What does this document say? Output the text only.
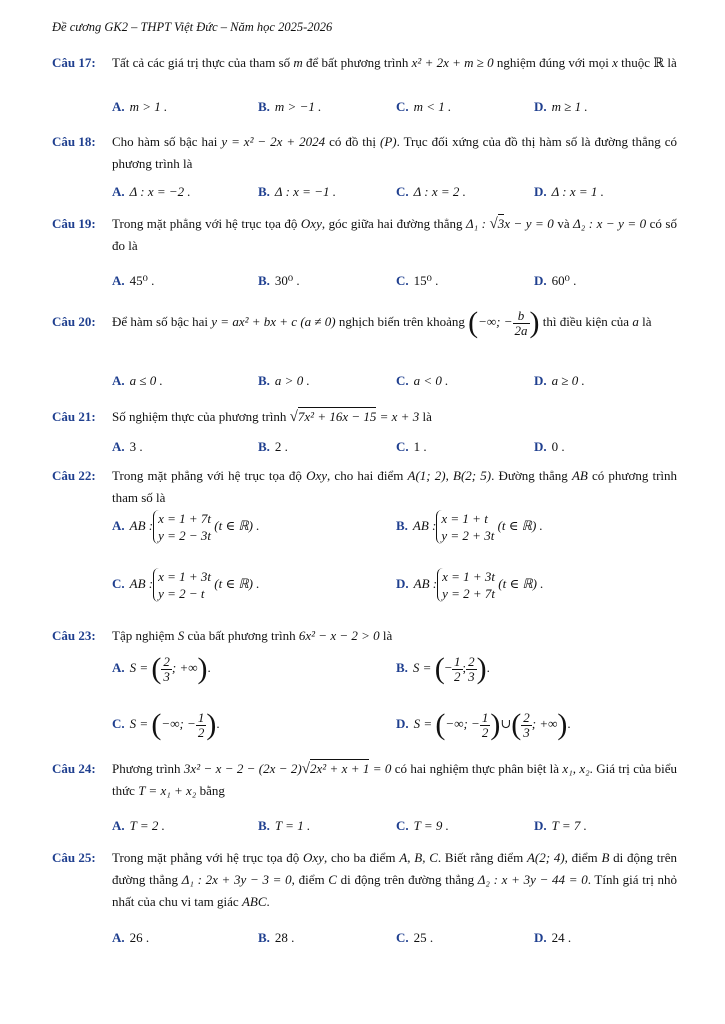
Đề cương GK2 – THPT Việt Đức – Năm học 2025-2026
Câu 17: Tất cả các giá trị thực của tham số m để bất phương trình x² + 2x + m ≥ 0 nghiệm đúng với mọi x thuộc ℝ là
A. m > 1 .	B. m > −1 .	C. m < 1 .	D. m ≥ 1 .
Câu 18: Cho hàm số bậc hai y = x² − 2x + 2024 có đồ thị (P). Trục đối xứng của đồ thị hàm số là đường thẳng có phương trình là
A. Δ : x = −2 .	B. Δ : x = −1 .	C. Δ : x = 2 .	D. Δ : x = 1 .
Câu 19: Trong mặt phẳng với hệ trục tọa độ Oxy, góc giữa hai đường thẳng Δ₁ : √3x − y = 0 và Δ₂ : x − y = 0 có số đo là
A. 45⁰ .	B. 30⁰ .	C. 15⁰ .	D. 60⁰ .
Câu 20: Để hàm số bậc hai y = ax² + bx + c (a ≠ 0) nghịch biến trên khoảng (−∞; − $\frac{b}{2a}$ ) thì điều kiện của a là
A. a ≤ 0 .	B. a > 0 .	C. a < 0 .	D. a ≥ 0 .
Câu 21: Số nghiệm thực của phương trình √7x² + 16x − 15 = x + 3 là
A. 3 .	B. 2 .	C. 1 .	D. 0 .
Câu 22: Trong mặt phẳng với hệ trục tọa độ Oxy, cho hai điểm A(1; 2), B(2; 5). Đường thẳng AB có phương trình tham số là
A. AB : x = 1 + 7t
y = 2 − 3t
(t ∈ ℝ) .	B. AB : x = 1 + t
y = 2 + 3t
(t ∈ ℝ) .
C. AB : x = 1 + 3t
y = 2 − t
(t ∈ ℝ) .	D. AB : x = 1 + 3t
y = 2 + 7t
(t ∈ ℝ) .
Câu 23: Tập nghiệm S của bất phương trình 6x² − x − 2 > 0 là
A. S = ( $\frac{2}{3}$ ; +∞).	B. S = (− $\frac{1}{2}$ ; $\frac{2}{3}$ ).
C. S = (−∞; − $\frac{1}{2}$ ).	D. S = (−∞; − $\frac{1}{2}$ )∪( $\frac{2}{3}$ ; +∞).
Câu 24: Phương trình 3x² − x − 2 − (2x − 2)√2x² + x + 1 = 0 có hai nghiệm thực phân biệt là x₁, x₂. Giá trị của biểu thức T = x₁ + x₂ bằng
A. T = 2 .	B. T = 1 .	C. T = 9 .	D. T = 7 .
Câu 25: Trong mặt phẳng với hệ trục tọa độ Oxy, cho ba điểm A, B, C. Biết rằng điểm A(2; 4), điểm B di động trên đường thẳng Δ₁ : 2x + 3y − 3 = 0, điểm C di động trên đường thẳng Δ₂ : x + 3y − 44 = 0. Tính giá trị nhỏ nhất của chu vi tam giác ABC.
A. 26 .	B. 28 .	C. 25 .	D. 24 .
